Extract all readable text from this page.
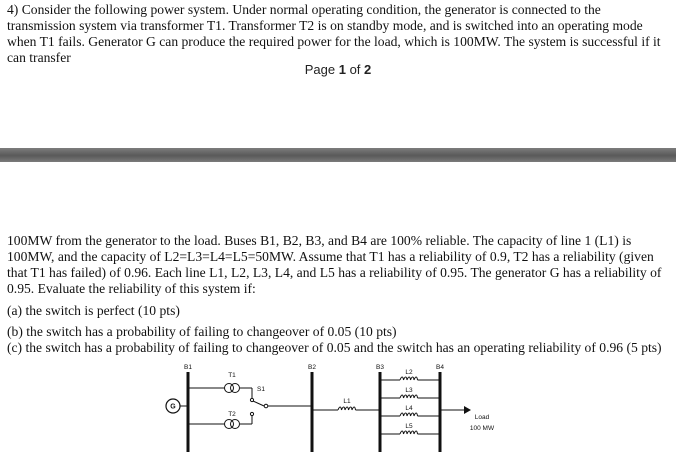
4) Consider the following power system. Under normal operating condition, the generator is connected to the transmission system via transformer T1. Transformer T2 is on standby mode, and is switched into an operating mode when T1 fails. Generator G can produce the required power for the load, which is 100MW. The system is successful if it can transfer

Page 1 of 2

100MW from the generator to the load. Buses B1, B2, B3, and B4 are 100% reliable. The capacity of line 1 (L1) is 100MW, and the capacity of L2=L3=L4=L5=50MW. Assume that T1 has a reliability of 0.9, T2 has a reliability (given that T1 has failed) of 0.96. Each line L1, L2, L3, L4, and L5 has a reliability of 0.95. The generator G has a reliability of 0.95. Evaluate the reliability of this system if:

(a) the switch is perfect (10 pts)
(b) the switch has a probability of failing to changeover of 0.05 (10 pts)
(c) the switch has a probability of failing to changeover of 0.05 and the switch has an operating reliability of 0.96 (5 pts)
G
B1	B2	B3	B4
T1
T2
S1
L1
L2
L3
L4
L5
Load
100 MW
